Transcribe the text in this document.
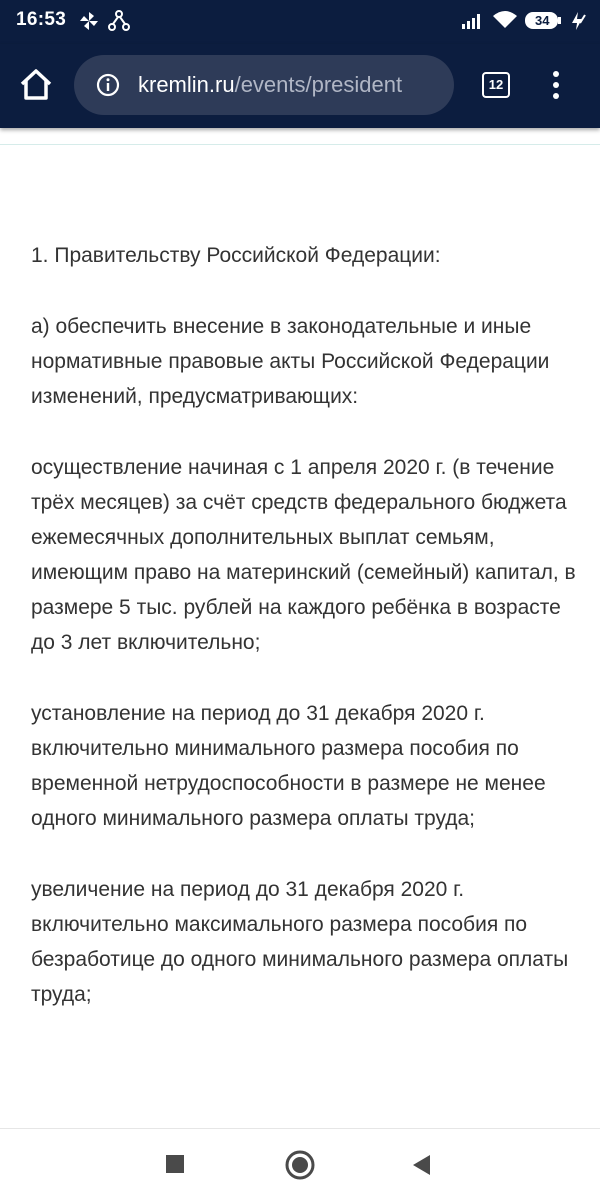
16:53	34
kremlin.ru/events/president	12

1. Правительству Российской Федерации:

а) обеспечить внесение в законодательные и иные нормативные правовые акты Российской Федерации изменений, предусматривающих:

осуществление начиная с 1 апреля 2020 г. (в течение трёх месяцев) за счёт средств федерального бюджета ежемесячных дополнительных выплат семьям, имеющим право на материнский (семейный) капитал, в размере 5 тыс. рублей на каждого ребёнка в возрасте до 3 лет включительно;

установление на период до 31 декабря 2020 г. включительно минимального размера пособия по временной нетрудоспособности в размере не менее одного минимального размера оплаты труда;

увеличение на период до 31 декабря 2020 г. включительно максимального размера пособия по безработице до одного минимального размера оплаты труда;
